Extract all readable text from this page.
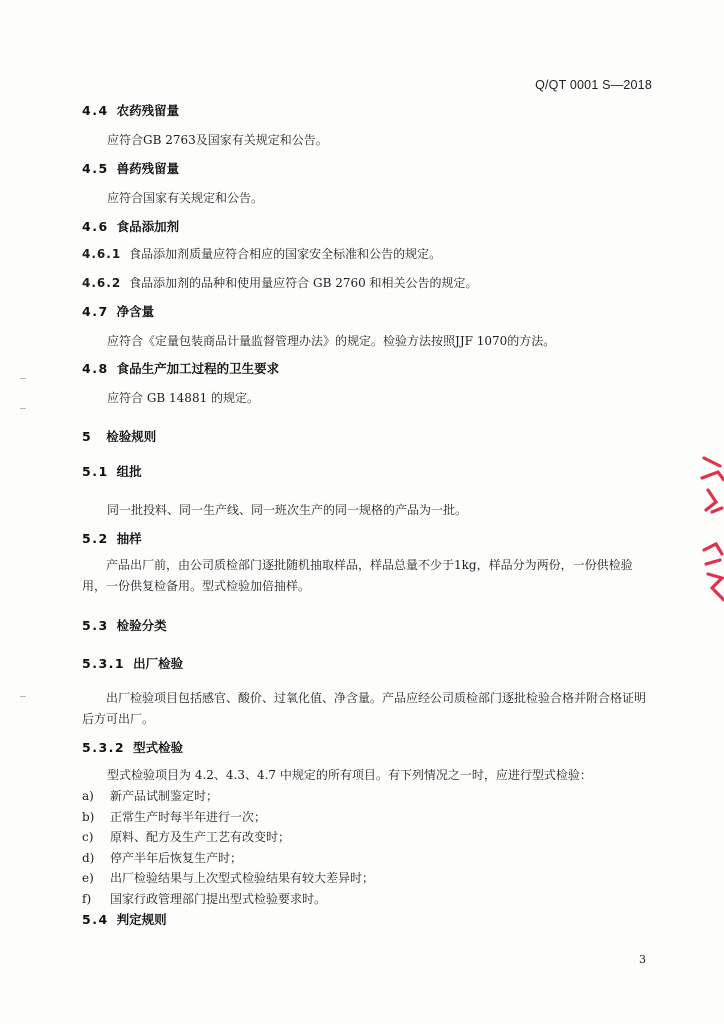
Q/QT 0001 S—2018
4.4 农药残留量
应符合GB 2763及国家有关规定和公告。
4.5 兽药残留量
应符合国家有关规定和公告。
4.6 食品添加剂
4.6.1 食品添加剂质量应符合相应的国家安全标准和公告的规定。
4.6.2 食品添加剂的品种和使用量应符合 GB 2760 和相关公告的规定。
4.7 净含量
应符合《定量包装商品计量监督管理办法》的规定。检验方法按照JJF 1070的方法。
4.8 食品生产加工过程的卫生要求
应符合 GB 14881 的规定。
5 检验规则
5.1 组批
同一批投料、同一生产线、同一班次生产的同一规格的产品为一批。
5.2 抽样
产品出厂前，由公司质检部门逐批随机抽取样品，样品总量不少于1kg，样品分为两份，一份供检验用，一份供复检备用。型式检验加倍抽样。
5.3 检验分类
5.3.1 出厂检验
出厂检验项目包括感官、酸价、过氧化值、净含量。产品应经公司质检部门逐批检验合格并附合格证明后方可出厂。
5.3.2 型式检验
型式检验项目为 4.2、4.3、4.7 中规定的所有项目。有下列情况之一时，应进行型式检验：
a) 新产品试制鉴定时；
b) 正常生产时每半年进行一次；
c) 原料、配方及生产工艺有改变时；
d) 停产半年后恢复生产时；
e) 出厂检验结果与上次型式检验结果有较大差异时；
f) 国家行政管理部门提出型式检验要求时。
5.4 判定规则
3
